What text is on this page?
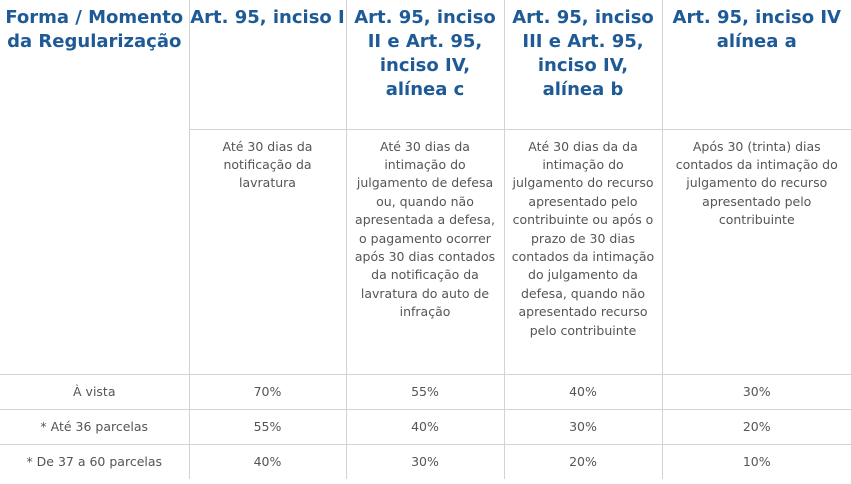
Forma / Momento da Regularização	Art. 95, inciso I	Art. 95, inciso II e Art. 95, inciso IV, alínea c	Art. 95, inciso III e Art. 95, inciso IV, alínea b	Art. 95, inciso IV alínea a

	Até 30 dias da notificação da lavratura	Até 30 dias da intimação do julgamento de defesa ou, quando não apresentada a defesa, o pagamento ocorrer após 30 dias contados da notificação da lavratura do auto de infração	Até 30 dias da da intimação do julgamento do recurso apresentado pelo contribuinte ou após o prazo de 30 dias contados da intimação do julgamento da defesa, quando não apresentado recurso pelo contribuinte	Após 30 (trinta) dias contados da intimação do julgamento do recurso apresentado pelo contribuinte

À vista	70%	55%	40%	30%
* Até 36 parcelas	55%	40%	30%	20%
* De 37 a 60 parcelas	40%	30%	20%	10%
